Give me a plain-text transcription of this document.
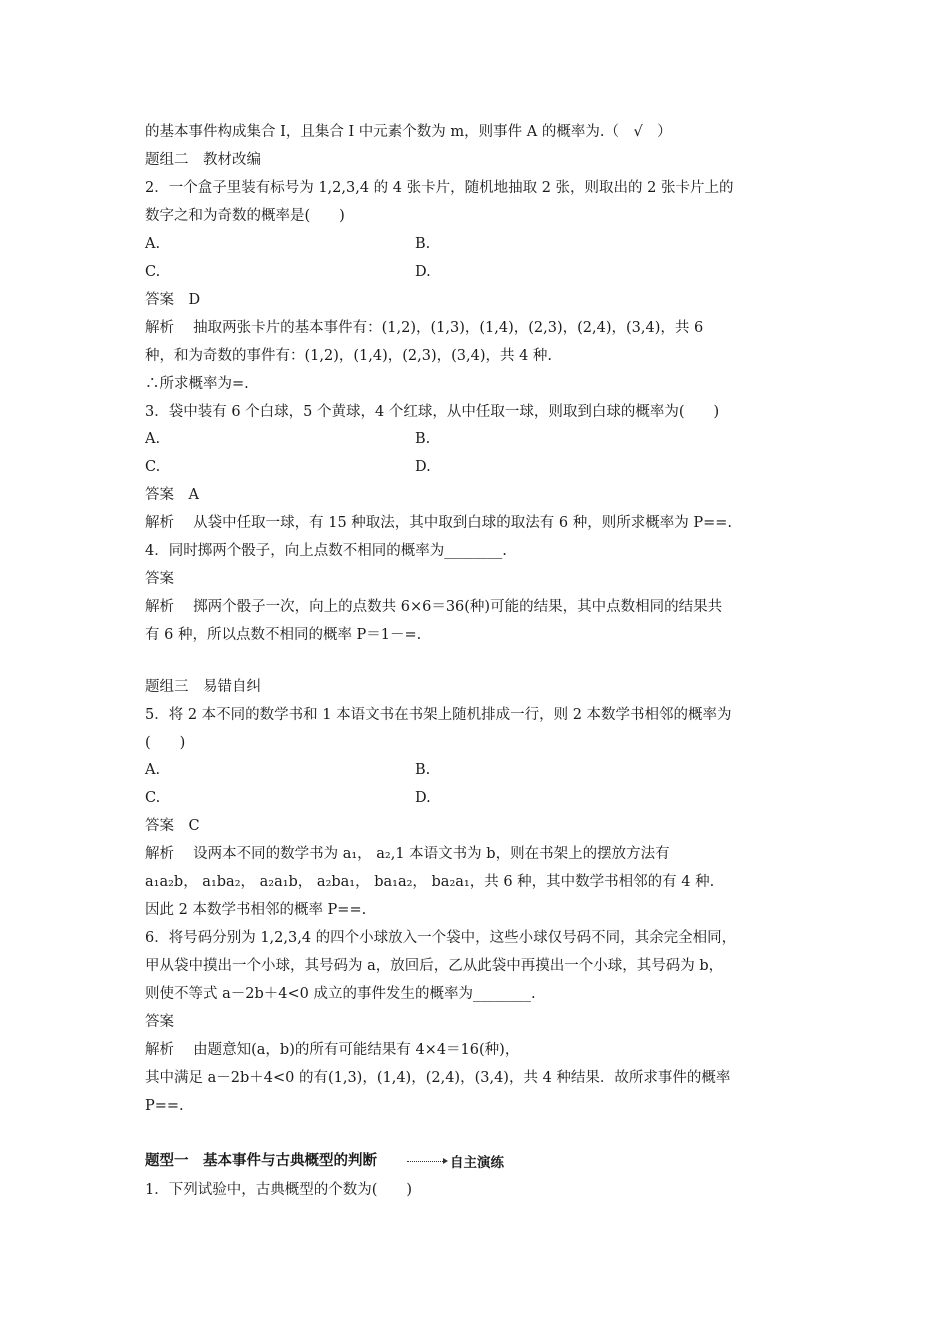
的基本事件构成集合 I，且集合 I 中元素个数为 m，则事件 A 的概率为.（　√　）
题组二　教材改编
2．一个盒子里装有标号为 1,2,3,4 的 4 张卡片，随机地抽取 2 张，则取出的 2 张卡片上的
数字之和为奇数的概率是(　　)
答案　D
解析　 抽取两张卡片的基本事件有：(1,2)，(1,3)，(1,4)，(2,3)，(2,4)，(3,4)，共 6
种，和为奇数的事件有：(1,2)，(1,4)，(2,3)，(3,4)，共 4 种.
∴所求概率为=.
3．袋中装有 6 个白球，5 个黄球，4 个红球，从中任取一球，则取到白球的概率为(　　)
答案　A
解析　 从袋中任取一球，有 15 种取法，其中取到白球的取法有 6 种，则所求概率为 P==.
4．同时掷两个骰子，向上点数不相同的概率为________.
答案
解析　 掷两个骰子一次，向上的点数共 6×6＝36(种)可能的结果，其中点数相同的结果共
有 6 种，所以点数不相同的概率 P＝1－=.
题组三　易错自纠
5．将 2 本不同的数学书和 1 本语文书在书架上随机排成一行，则 2 本数学书相邻的概率为
(　　)
答案　C
解析　 设两本不同的数学书为 a₁， a₂,1 本语文书为 b，则在书架上的摆放方法有
a₁a₂b， a₁ba₂， a₂a₁b， a₂ba₁， ba₁a₂， ba₂a₁，共 6 种，其中数学书相邻的有 4 种.
因此 2 本数学书相邻的概率 P==.
6．将号码分别为 1,2,3,4 的四个小球放入一个袋中，这些小球仅号码不同，其余完全相同，
甲从袋中摸出一个小球，其号码为 a，放回后，乙从此袋中再摸出一个小球，其号码为 b，
则使不等式 a－2b＋4<0 成立的事件发生的概率为________.
答案
解析　 由题意知(a，b)的所有可能结果有 4×4＝16(种)，
其中满足 a－2b＋4<0 的有(1,3)，(1,4)，(2,4)，(3,4)，共 4 种结果．故所求事件的概率
P==.
1．下列试验中，古典概型的个数为(　　)
A.	B.
C.	D.
A.	B.
C.	D.
A.	B.
C.	D.
题型一　基本事件与古典概型的判断	自主演练
